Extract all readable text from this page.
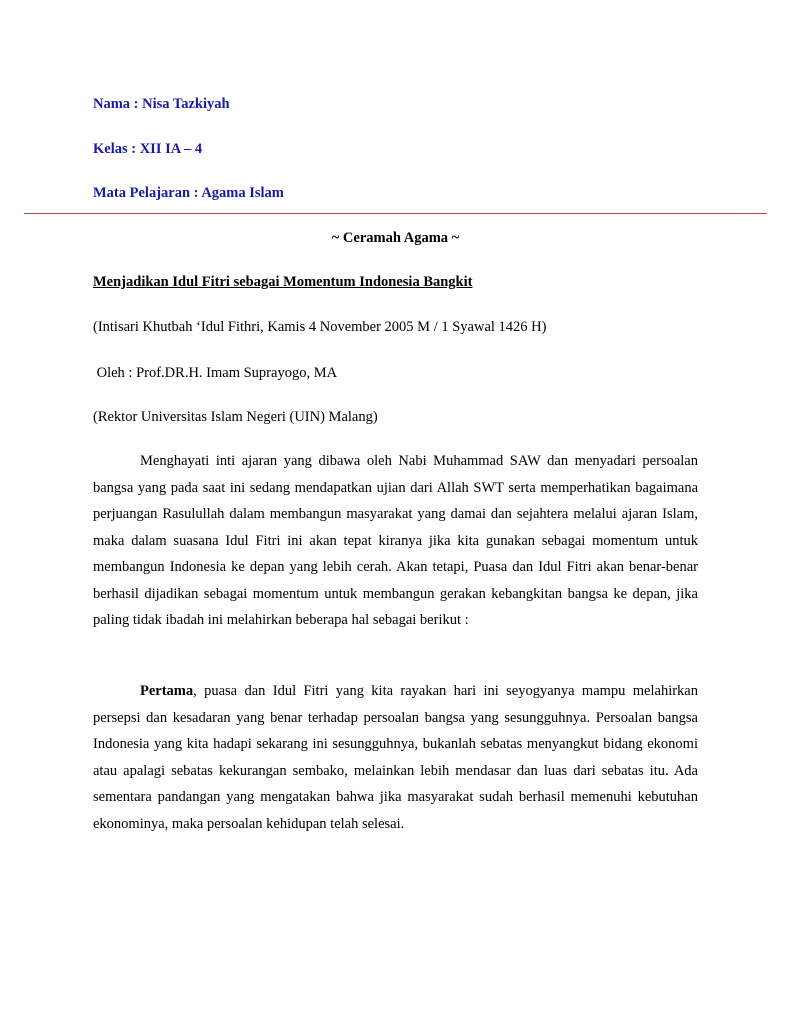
Nama : Nisa Tazkiyah

Kelas : XII IA – 4

Mata Pelajaran : Agama Islam

~ Ceramah Agama ~

Menjadikan Idul Fitri sebagai Momentum Indonesia Bangkit

(Intisari Khutbah ‘Idul Fithri, Kamis 4 November 2005 M / 1 Syawal 1426 H)

Oleh : Prof.DR.H. Imam Suprayogo, MA

(Rektor Universitas Islam Negeri (UIN) Malang)

Menghayati inti ajaran yang dibawa oleh Nabi Muhammad SAW dan menyadari persoalan bangsa yang pada saat ini sedang mendapatkan ujian dari Allah SWT serta memperhatikan bagaimana perjuangan Rasulullah dalam membangun masyarakat yang damai dan sejahtera melalui ajaran Islam, maka dalam suasana Idul Fitri ini akan tepat kiranya jika kita gunakan sebagai momentum untuk membangun Indonesia ke depan yang lebih cerah. Akan tetapi, Puasa dan Idul Fitri akan benar-benar berhasil dijadikan sebagai momentum untuk membangun gerakan kebangkitan bangsa ke depan, jika paling tidak ibadah ini melahirkan beberapa hal sebagai berikut :

Pertama, puasa dan Idul Fitri yang kita rayakan hari ini seyogyanya mampu melahirkan persepsi dan kesadaran yang benar terhadap persoalan bangsa yang sesungguhnya. Persoalan bangsa Indonesia yang kita hadapi sekarang ini sesungguhnya, bukanlah sebatas menyangkut bidang ekonomi atau apalagi sebatas kekurangan sembako, melainkan lebih mendasar dan luas dari sebatas itu. Ada sementara pandangan yang mengatakan bahwa jika masyarakat sudah berhasil memenuhi kebutuhan ekonominya, maka persoalan kehidupan telah selesai.
